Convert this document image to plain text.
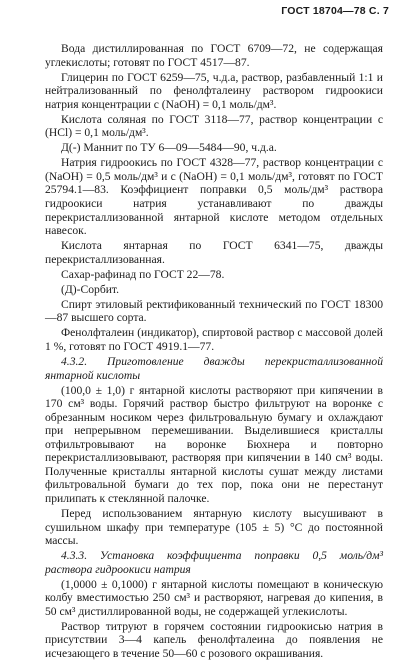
ГОСТ 18704—78 С. 7

Вода дистиллированная по ГОСТ 6709—72, не содержащая углекислоты; готовят по ГОСТ 4517—87.

Глицерин по ГОСТ 6259—75, ч.д.а, раствор, разбавленный 1:1 и нейтрализованный по фенолфталеину раствором гидроокиси натрия концентрации c (NaOH) = 0,1 моль/дм³.

Кислота соляная по ГОСТ 3118—77, раствор концентрации c (HCl) = 0,1 моль/дм³.

Д(-) Маннит по ТУ 6—09—5484—90, ч.д.а.

Натрия гидроокись по ГОСТ 4328—77, раствор концентрации c (NaOH) = 0,5 моль/дм³ и c (NaOH) = 0,1 моль/дм³, готовят по ГОСТ 25794.1—83. Коэффициент поправки 0,5 моль/дм³ раствора гидроокиси натрия устанавливают по дважды перекристаллизованной янтарной кислоте методом отдельных навесок.

Кислота янтарная по ГОСТ 6341—75, дважды перекристаллизованная.

Сахар-рафинад по ГОСТ 22—78.

(Д)-Сорбит.

Спирт этиловый ректификованный технический по ГОСТ 18300—87 высшего сорта.

Фенолфталеин (индикатор), спиртовой раствор с массовой долей 1 %, готовят по ГОСТ 4919.1—77.

4.3.2. Приготовление дважды перекристаллизованной янтарной кислоты

(100,0 ± 1,0) г янтарной кислоты растворяют при кипячении в 170 см³ воды. Горячий раствор быстро фильтруют на воронке с обрезанным носиком через фильтровальную бумагу и охлаждают при непрерывном перемешивании. Выделившиеся кристаллы отфильтровывают на воронке Бюхнера и повторно перекристаллизовывают, растворяя при кипячении в 140 см³ воды. Полученные кристаллы янтарной кислоты сушат между листами фильтровальной бумаги до тех пор, пока они не перестанут прилипать к стеклянной палочке.

Перед использованием янтарную кислоту высушивают в сушильном шкафу при температуре (105 ± 5) °С до постоянной массы.

4.3.3. Установка коэффициента поправки 0,5 моль/дм³ раствора гидроокиси натрия

(1,0000 ± 0,1000) г янтарной кислоты помещают в коническую колбу вместимостью 250 см³ и растворяют, нагревая до кипения, в 50 см³ дистиллированной воды, не содержащей углекислоты.

Раствор титруют в горячем состоянии гидроокисью натрия в присутствии 3—4 капель фенолфталеина до появления не исчезающего в течение 50—60 с розового окрашивания.
